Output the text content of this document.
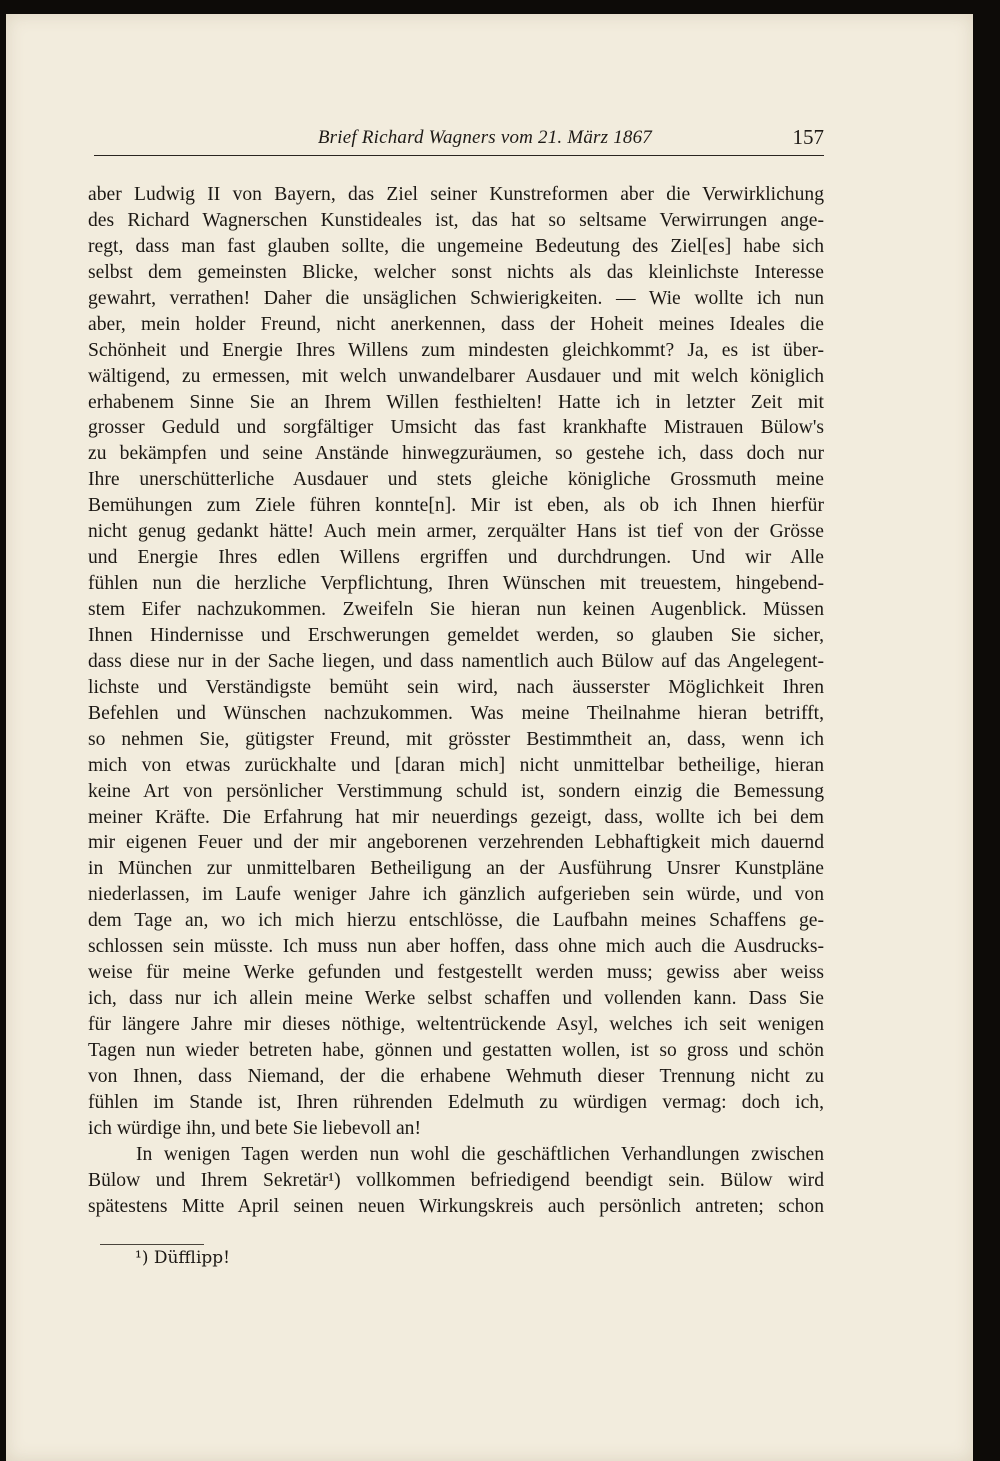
Brief Richard Wagners vom 21. März 1867	157
aber Ludwig II von Bayern, das Ziel seiner Kunstreformen aber die Verwirklichung
des Richard Wagnerschen Kunstideales ist, das hat so seltsame Verwirrungen ange-
regt, dass man fast glauben sollte, die ungemeine Bedeutung des Ziel[es] habe sich
selbst dem gemeinsten Blicke, welcher sonst nichts als das kleinlichste Interesse
gewahrt, verrathen! Daher die unsäglichen Schwierigkeiten. — Wie wollte ich nun
aber, mein holder Freund, nicht anerkennen, dass der Hoheit meines Ideales die
Schönheit und Energie Ihres Willens zum mindesten gleichkommt? Ja, es ist über-
wältigend, zu ermessen, mit welch unwandelbarer Ausdauer und mit welch königlich
erhabenem Sinne Sie an Ihrem Willen festhielten! Hatte ich in letzter Zeit mit
grosser Geduld und sorgfältiger Umsicht das fast krankhafte Mistrauen Bülow's
zu bekämpfen und seine Anstände hinwegzuräumen, so gestehe ich, dass doch nur
Ihre unerschütterliche Ausdauer und stets gleiche königliche Grossmuth meine
Bemühungen zum Ziele führen konnte[n]. Mir ist eben, als ob ich Ihnen hierfür
nicht genug gedankt hätte! Auch mein armer, zerquälter Hans ist tief von der Grösse
und Energie Ihres edlen Willens ergriffen und durchdrungen. Und wir Alle
fühlen nun die herzliche Verpflichtung, Ihren Wünschen mit treuestem, hingebend-
stem Eifer nachzukommen. Zweifeln Sie hieran nun keinen Augenblick. Müssen
Ihnen Hindernisse und Erschwerungen gemeldet werden, so glauben Sie sicher,
dass diese nur in der Sache liegen, und dass namentlich auch Bülow auf das Angelegent-
lichste und Verständigste bemüht sein wird, nach äusserster Möglichkeit Ihren
Befehlen und Wünschen nachzukommen. Was meine Theilnahme hieran betrifft,
so nehmen Sie, gütigster Freund, mit grösster Bestimmtheit an, dass, wenn ich
mich von etwas zurückhalte und [daran mich] nicht unmittelbar betheilige, hieran
keine Art von persönlicher Verstimmung schuld ist, sondern einzig die Bemessung
meiner Kräfte. Die Erfahrung hat mir neuerdings gezeigt, dass, wollte ich bei dem
mir eigenen Feuer und der mir angeborenen verzehrenden Lebhaftigkeit mich dauernd
in München zur unmittelbaren Betheiligung an der Ausführung Unsrer Kunstpläne
niederlassen, im Laufe weniger Jahre ich gänzlich aufgerieben sein würde, und von
dem Tage an, wo ich mich hierzu entschlösse, die Laufbahn meines Schaffens ge-
schlossen sein müsste. Ich muss nun aber hoffen, dass ohne mich auch die Ausdrucks-
weise für meine Werke gefunden und festgestellt werden muss; gewiss aber weiss
ich, dass nur ich allein meine Werke selbst schaffen und vollenden kann. Dass Sie
für längere Jahre mir dieses nöthige, weltentrückende Asyl, welches ich seit wenigen
Tagen nun wieder betreten habe, gönnen und gestatten wollen, ist so gross und schön
von Ihnen, dass Niemand, der die erhabene Wehmuth dieser Trennung nicht zu
fühlen im Stande ist, Ihren rührenden Edelmuth zu würdigen vermag: doch ich,
ich würdige ihn, und bete Sie liebevoll an!
In wenigen Tagen werden nun wohl die geschäftlichen Verhandlungen zwischen
Bülow und Ihrem Sekretär¹) vollkommen befriedigend beendigt sein. Bülow wird
spätestens Mitte April seinen neuen Wirkungskreis auch persönlich antreten; schon
¹) Düfflipp!
